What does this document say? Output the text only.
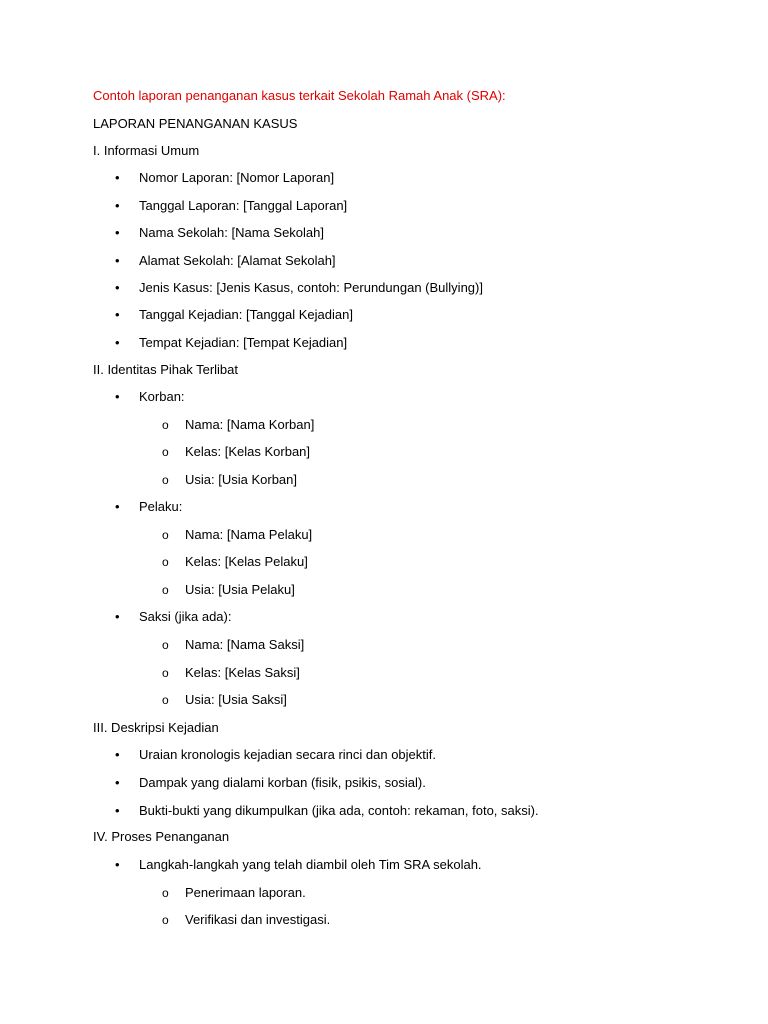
Contoh laporan penanganan kasus terkait Sekolah Ramah Anak (SRA):
LAPORAN PENANGANAN KASUS
I. Informasi Umum
• Nomor Laporan: [Nomor Laporan]
• Tanggal Laporan: [Tanggal Laporan]
• Nama Sekolah: [Nama Sekolah]
• Alamat Sekolah: [Alamat Sekolah]
• Jenis Kasus: [Jenis Kasus, contoh: Perundungan (Bullying)]
• Tanggal Kejadian: [Tanggal Kejadian]
• Tempat Kejadian: [Tempat Kejadian]
II. Identitas Pihak Terlibat
• Korban:
o Nama: [Nama Korban]
o Kelas: [Kelas Korban]
o Usia: [Usia Korban]
• Pelaku:
o Nama: [Nama Pelaku]
o Kelas: [Kelas Pelaku]
o Usia: [Usia Pelaku]
• Saksi (jika ada):
o Nama: [Nama Saksi]
o Kelas: [Kelas Saksi]
o Usia: [Usia Saksi]
III. Deskripsi Kejadian
• Uraian kronologis kejadian secara rinci dan objektif.
• Dampak yang dialami korban (fisik, psikis, sosial).
• Bukti-bukti yang dikumpulkan (jika ada, contoh: rekaman, foto, saksi).
IV. Proses Penanganan
• Langkah-langkah yang telah diambil oleh Tim SRA sekolah.
o Penerimaan laporan.
o Verifikasi dan investigasi.
